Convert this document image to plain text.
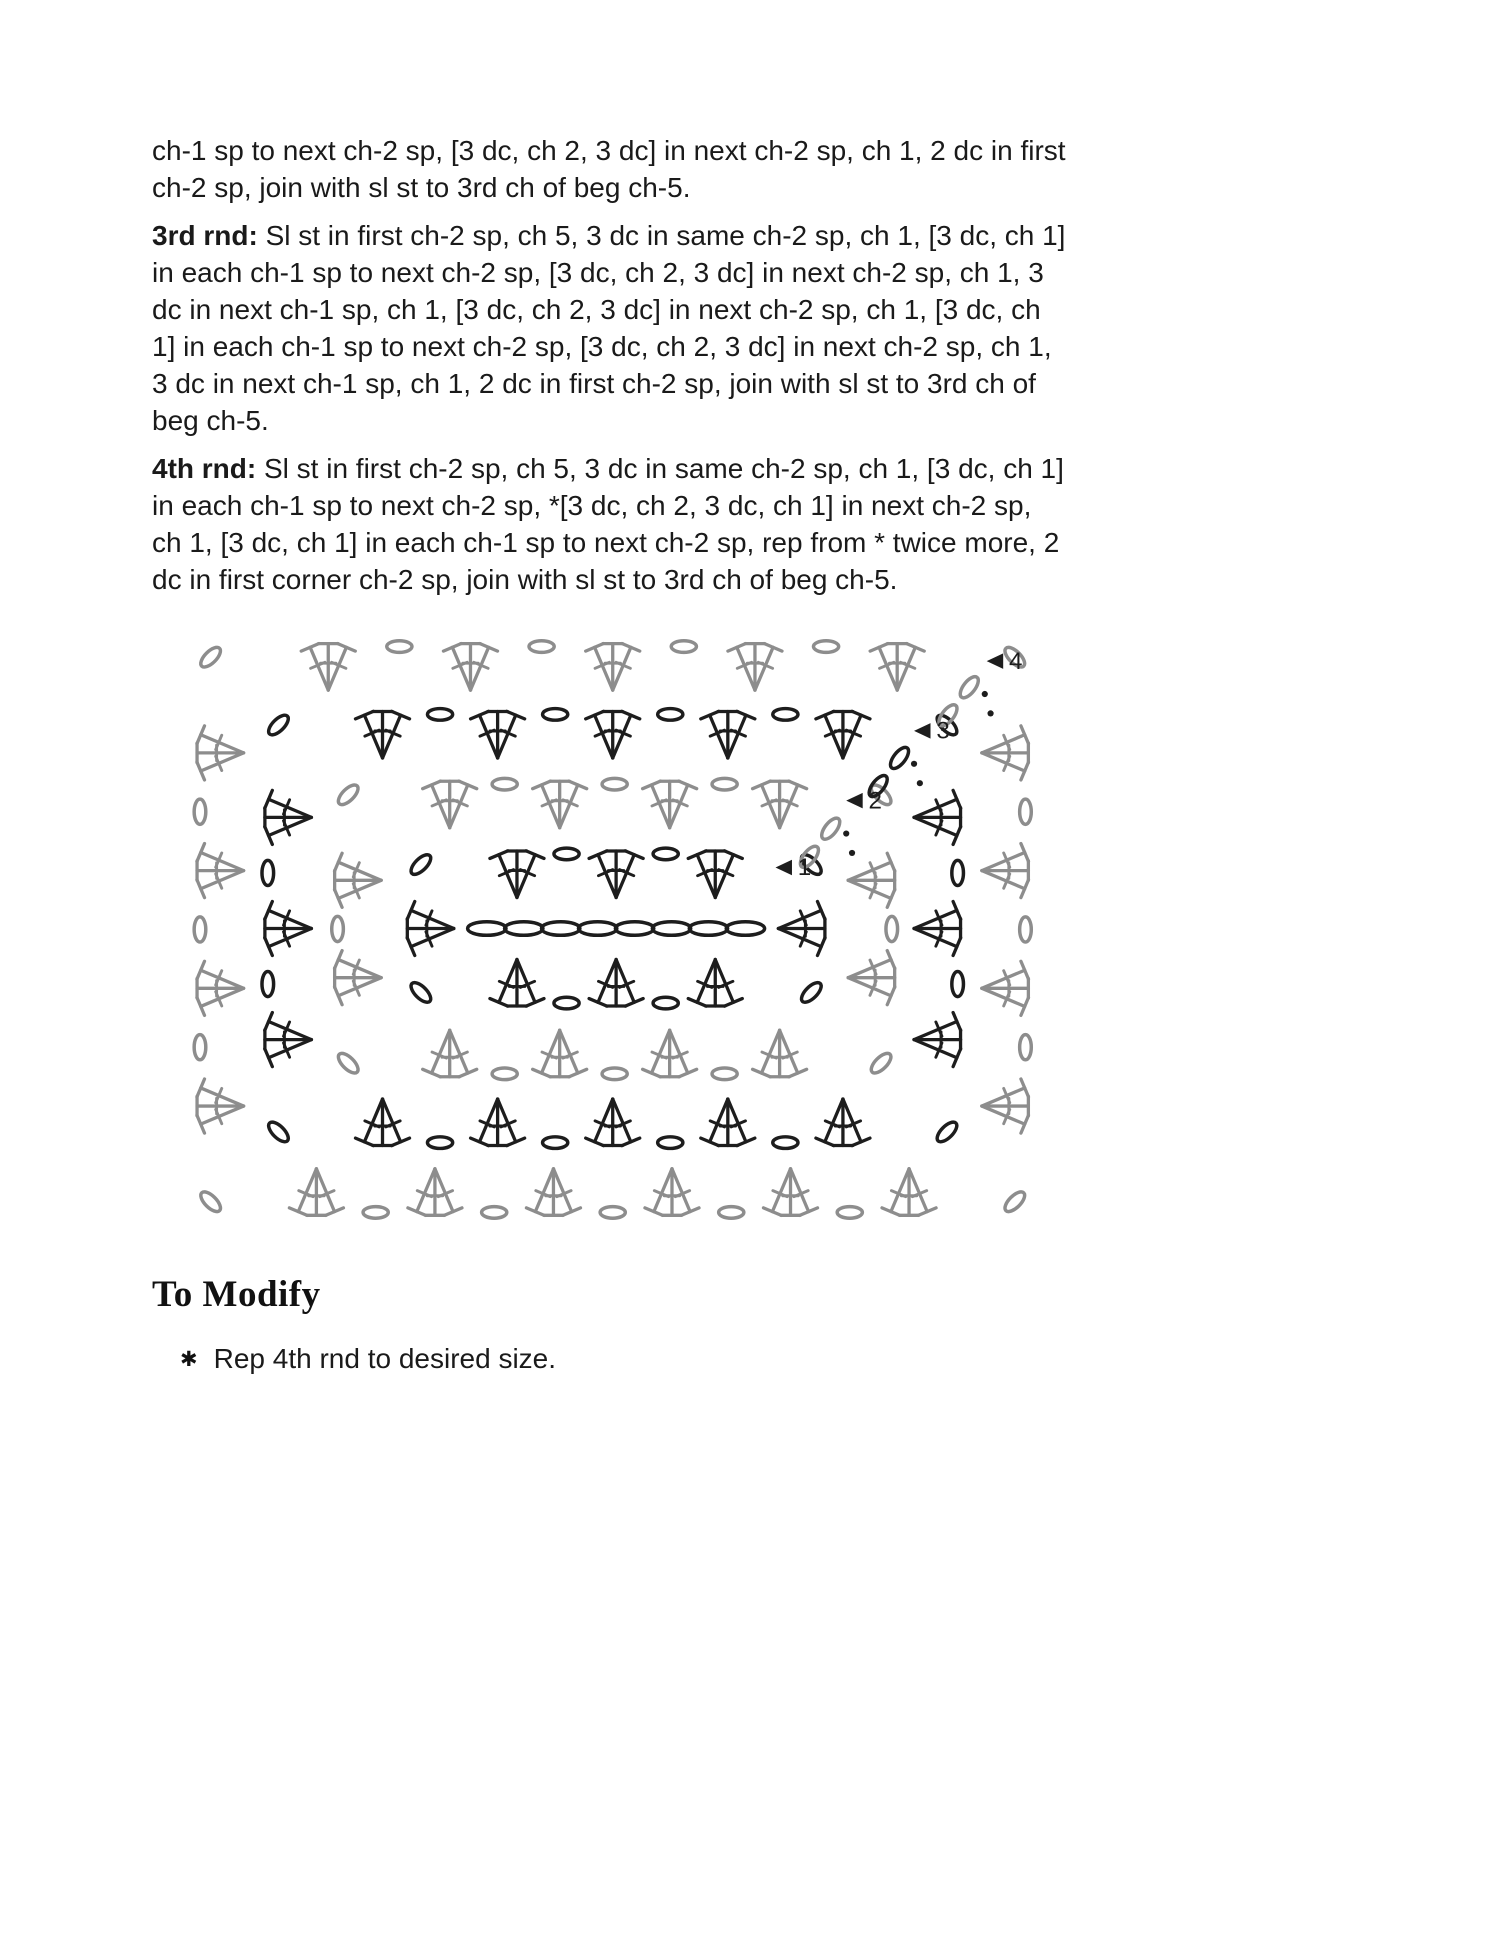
ch-1 sp to next ch-2 sp, [3 dc, ch 2, 3 dc] in next ch-2 sp, ch 1, 2 dc in first ch-2 sp, join with sl st to 3rd ch of beg ch-5.

3rd rnd: Sl st in first ch-2 sp, ch 5, 3 dc in same ch-2 sp, ch 1, [3 dc, ch 1] in each ch-1 sp to next ch-2 sp, [3 dc, ch 2, 3 dc] in next ch-2 sp, ch 1, 3 dc in next ch-1 sp, ch 1, [3 dc, ch 2, 3 dc] in next ch-2 sp, ch 1, [3 dc, ch 1] in each ch-1 sp to next ch-2 sp, [3 dc, ch 2, 3 dc] in next ch-2 sp, ch 1, 3 dc in next ch-1 sp, ch 1, 2 dc in first ch-2 sp, join with sl st to 3rd ch of beg ch-5.

4th rnd: Sl st in first ch-2 sp, ch 5, 3 dc in same ch-2 sp, ch 1, [3 dc, ch 1] in each ch-1 sp to next ch-2 sp, *[3 dc, ch 2, 3 dc, ch 1] in next ch-2 sp, ch 1, [3 dc, ch 1] in each ch-1 sp to next ch-2 sp, rep from * twice more, 2 dc in first corner ch-2 sp, join with sl st to 3rd ch of beg ch-5.

1
2
3
4
To Modify
✱ Rep 4th rnd to desired size.
